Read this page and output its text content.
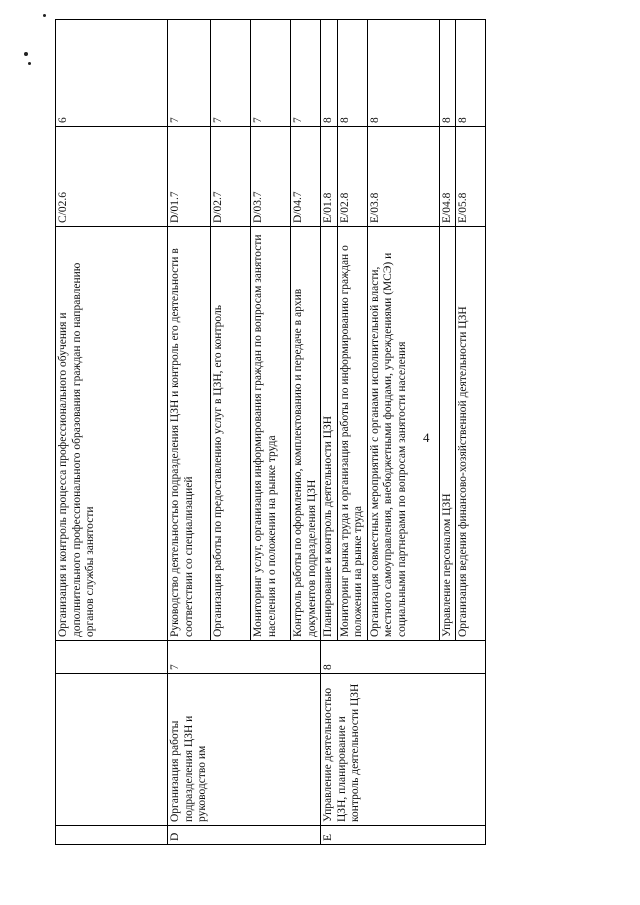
4
			Организация и контроль процесса профессионального обучения и дополнительного профессионального образования граждан по направлению органов службы занятости	C/02.6	6
D	Организация работы подразделения ЦЗН и руководство им	7	Руководство деятельностью подразделения ЦЗН и контроль его деятельности в соответствии со специализацией	D/01.7	7
			Организация работы по предоставлению услуг в ЦЗН, его контроль	D/02.7	7
			Мониторинг услуг, организация информирования граждан по вопросам занятости населения и о положении на рынке труда	D/03.7	7
			Контроль работы по оформлению, комплектованию и передаче в архив документов подразделения ЦЗН	D/04.7	7
E	Управление деятельностью ЦЗН, планирование и контроль деятельности ЦЗН	8	Планирование и контроль деятельности ЦЗН	E/01.8	8
			Мониторинг рынка труда и организация работы по информированию граждан о положении на рынке труда	E/02.8	8
			Организация совместных мероприятий с органами исполнительной власти, местного самоуправления, внебюджетными фондами, учреждениями (МСЭ) и социальными партнерами по вопросам занятости населения	E/03.8	8
			Управление персоналом ЦЗН	E/04.8	8
			Организация ведения финансово-хозяйственной деятельности ЦЗН	E/05.8	8
